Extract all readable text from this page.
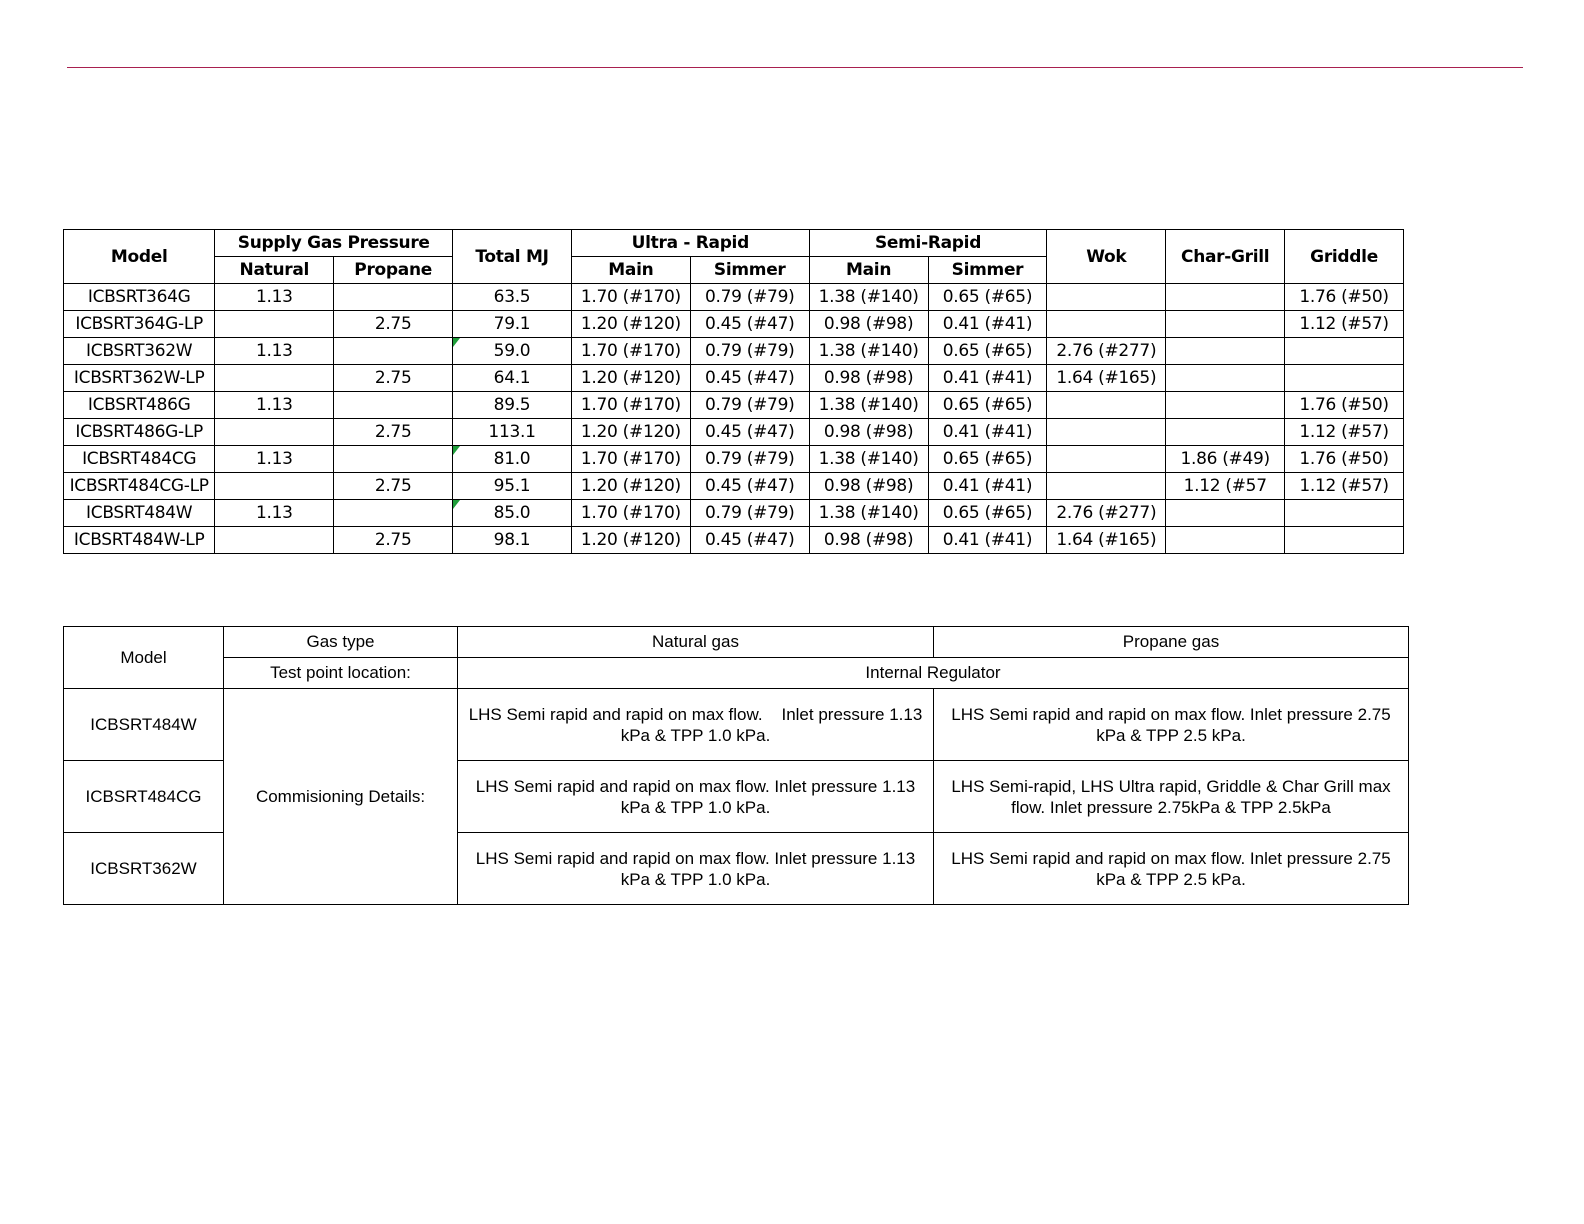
Model	Supply Gas Pressure		Total MJ	Ultra - Rapid		Semi-Rapid		Wok	Char-Grill	Griddle
	Natural	Propane		Main	Simmer	Main	Simmer			
ICBSRT364G	1.13		63.5	1.70 (#170)	0.79 (#79)	1.38 (#140)	0.65 (#65)			1.76 (#50)
ICBSRT364G-LP		2.75	79.1	1.20 (#120)	0.45 (#47)	0.98 (#98)	0.41 (#41)			1.12 (#57)
ICBSRT362W	1.13		59.0	1.70 (#170)	0.79 (#79)	1.38 (#140)	0.65 (#65)	2.76 (#277)		
ICBSRT362W-LP		2.75	64.1	1.20 (#120)	0.45 (#47)	0.98 (#98)	0.41 (#41)	1.64 (#165)		
ICBSRT486G	1.13		89.5	1.70 (#170)	0.79 (#79)	1.38 (#140)	0.65 (#65)			1.76 (#50)
ICBSRT486G-LP		2.75	113.1	1.20 (#120)	0.45 (#47)	0.98 (#98)	0.41 (#41)			1.12 (#57)
ICBSRT484CG	1.13		81.0	1.70 (#170)	0.79 (#79)	1.38 (#140)	0.65 (#65)		1.86 (#49)	1.76 (#50)
ICBSRT484CG-LP		2.75	95.1	1.20 (#120)	0.45 (#47)	0.98 (#98)	0.41 (#41)		1.12 (#57	1.12 (#57)
ICBSRT484W	1.13		85.0	1.70 (#170)	0.79 (#79)	1.38 (#140)	0.65 (#65)	2.76 (#277)		
ICBSRT484W-LP		2.75	98.1	1.20 (#120)	0.45 (#47)	0.98 (#98)	0.41 (#41)	1.64 (#165)		
Model	Gas type	Natural gas	Propane gas
	Test point location:	Internal Regulator	
ICBSRT484W	Commisioning Details:	LHS Semi rapid and rapid on max flow.    Inlet pressure 1.13 kPa & TPP 1.0 kPa.	LHS Semi rapid and rapid on max flow. Inlet pressure 2.75 kPa & TPP 2.5 kPa.
ICBSRT484CG		LHS Semi rapid and rapid on max flow. Inlet pressure 1.13 kPa & TPP 1.0 kPa.	LHS Semi-rapid, LHS Ultra rapid, Griddle & Char Grill max flow. Inlet pressure 2.75kPa & TPP 2.5kPa
ICBSRT362W		LHS Semi rapid and rapid on max flow. Inlet pressure 1.13 kPa & TPP 1.0 kPa.	LHS Semi rapid and rapid on max flow. Inlet pressure 2.75 kPa & TPP 2.5 kPa.
